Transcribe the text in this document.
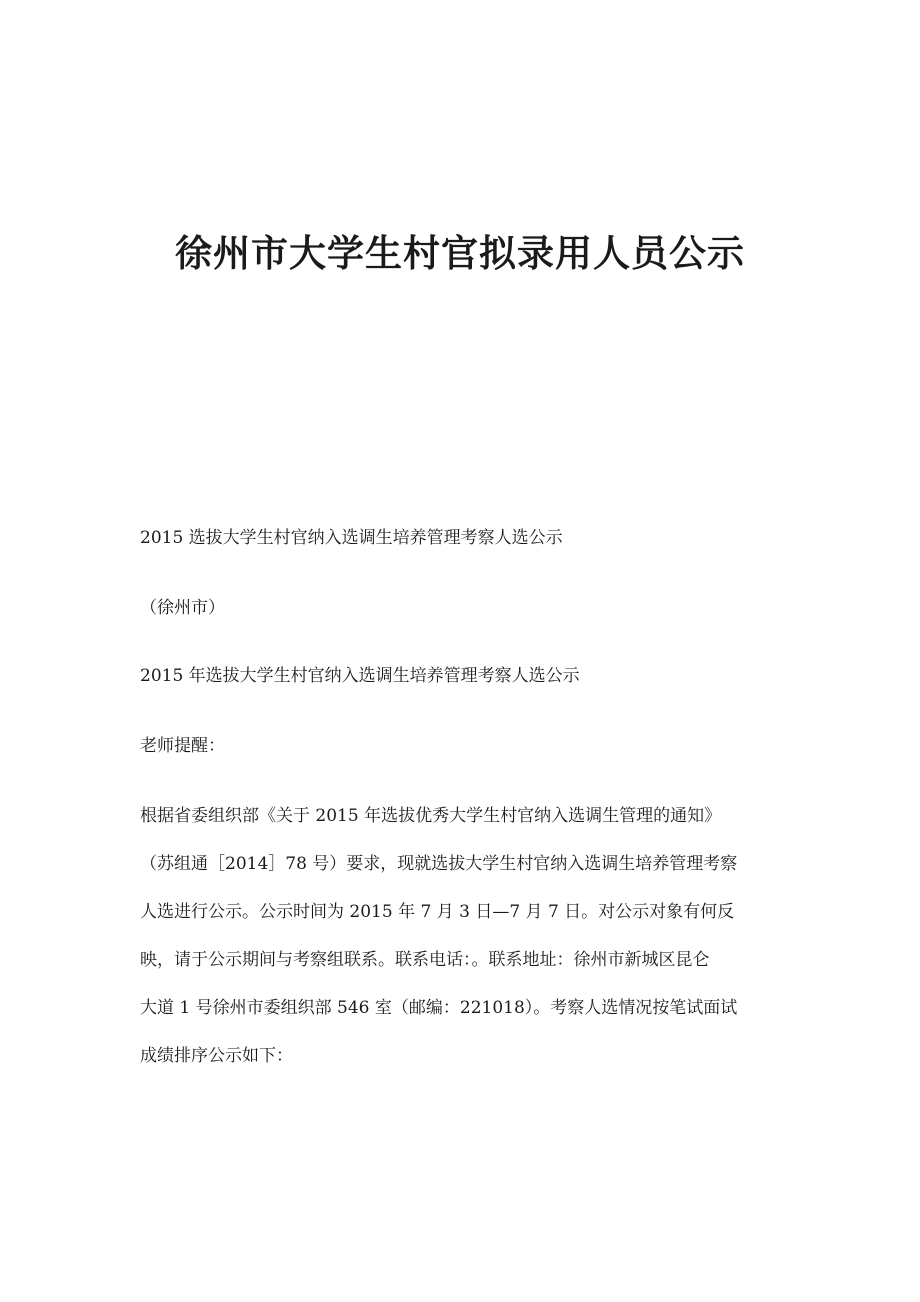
徐州市大学生村官拟录用人员公示
2015 选拔大学生村官纳入选调生培养管理考察人选公示
（徐州市）
2015 年选拔大学生村官纳入选调生培养管理考察人选公示
老师提醒：
根据省委组织部《关于 2015 年选拔优秀大学生村官纳入选调生管理的通知》
（苏组通［2014］78 号）要求，现就选拔大学生村官纳入选调生培养管理考察
人选进行公示。公示时间为 2015 年 7 月 3 日—7 月 7 日。对公示对象有何反
映，请于公示期间与考察组联系。联系电话：。联系地址：徐州市新城区昆仑
大道 1 号徐州市委组织部 546 室（邮编：221018）。考察人选情况按笔试面试
成绩排序公示如下：
